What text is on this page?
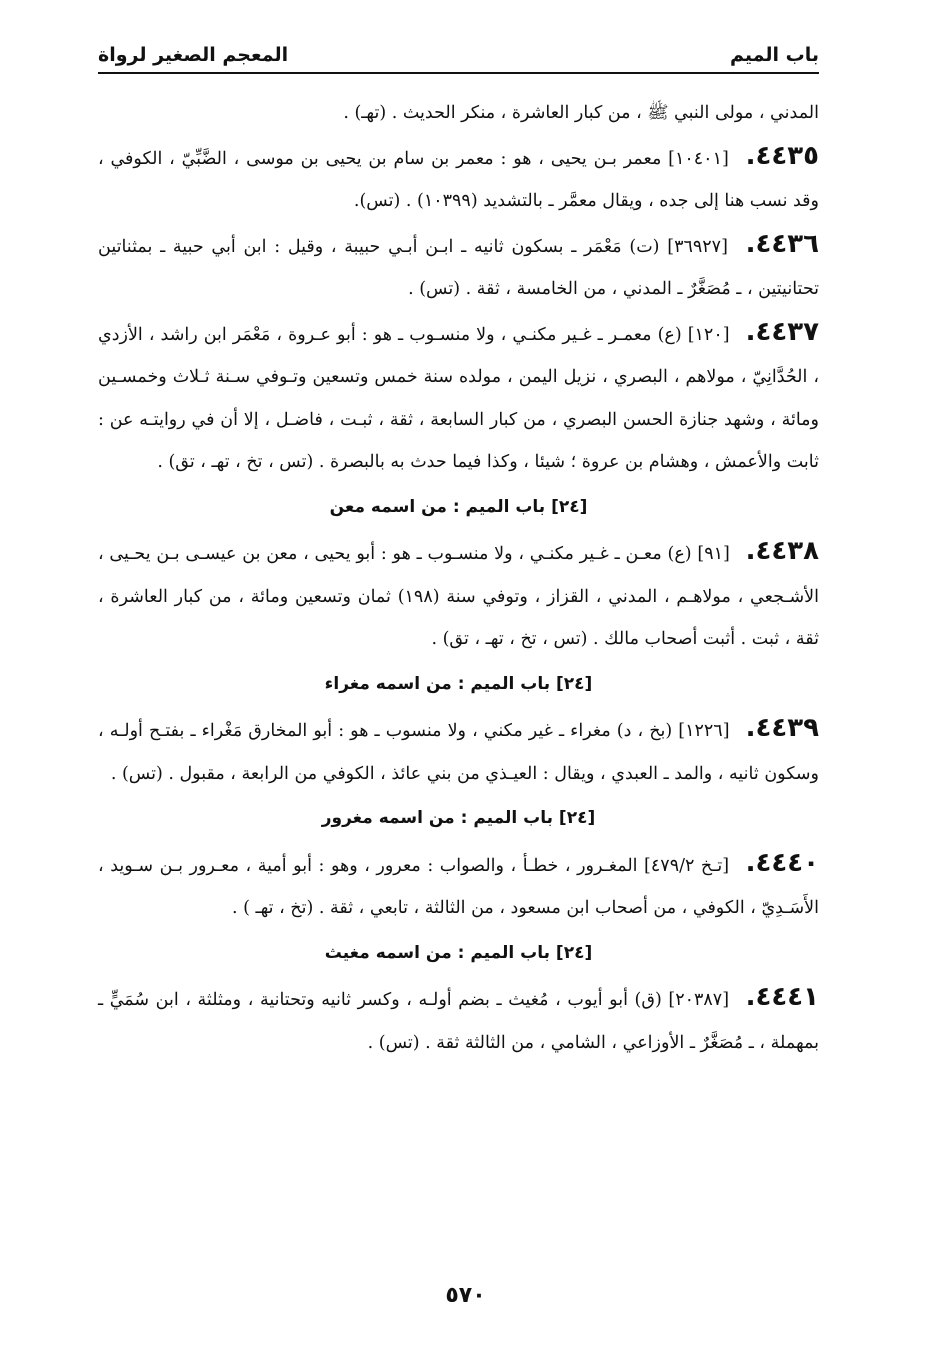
باب الميم
المعجم الصغير لرواة

المدني ، مولى النبي ﷺ ، من كبار العاشرة ، منكر الحديث . (تهـ) .

٤٤٣٥. [١٠٤٠١] معمر بـن يحيى ، هو : معمر بن سام بن يحيى بن موسى ، الضَّبِّيّ ، الكوفي ، وقد نسب هنا إلى جده ، ويقال معمَّر ـ بالتشديد (١٠٣٩٩) . (تس).

٤٤٣٦. [٣٦٩٢٧] (ت) مَعْمَر ـ بسكون ثانيه ـ ابـن أبـي حبيبة ، وقيل : ابن أبي حبية ـ بمثناتين تحتانيتين ، ـ مُصَغَّرٌ ـ المدني ، من الخامسة ، ثقة . (تس) .

٤٤٣٧. [١٢٠] (ع) معمـر ـ غـير مكنـي ، ولا منسـوب ـ هو : أبو عـروة ، مَعْمَر ابن راشد ، الأزدي ، الحُدَّانِيّ ، مولاهم ، البصري ، نزيل اليمن ، مولده سنة خمس وتسعين وتـوفي سـنة ثـلاث وخمسـين ومائة ، وشهد جنازة الحسن البصري ، من كبار السابعة ، ثقة ، ثبـت ، فاضـل ، إلا أن في روايتـه عن : ثابت والأعمش ، وهشام بن عروة ؛ شيئا ، وكذا فيما حدث به بالبصرة . (تس ، تخ ، تهـ ، تق) .

[٢٤] باب الميم : من اسمه معن

٤٤٣٨. [٩١] (ع) معـن ـ غـير مكنـي ، ولا منسـوب ـ هو : أبو يحيى ، معن بن عيسـى بـن يحـيى ، الأشـجعي ، مولاهـم ، المدني ، القزاز ، وتوفي سنة (١٩٨) ثمان وتسعين ومائة ، من كبار العاشرة ، ثقة ، ثبت . أثبت أصحاب مالك . (تس ، تخ ، تهـ ، تق) .

[٢٤] باب الميم : من اسمه مغراء

٤٤٣٩. [١٢٢٦] (بخ ، د) مغراء ـ غير مكني ، ولا منسوب ـ هو : أبو المخارق مَغْراء ـ بفتـح أولـه ، وسكون ثانيه ، والمد ـ العبدي ، ويقال : العيـذي من بني عائذ ، الكوفي من الرابعة ، مقبول . (تس) .

[٢٤] باب الميم : من اسمه مغرور

٤٤٤٠. [تـخ ٤٧٩/٢] المغـرور ، خطـأ ، والصواب : معرور ، وهو : أبو أمية ، معـرور بـن سـويد ، الأَسَـدِيّ ، الكوفي ، من أصحاب ابن مسعود ، من الثالثة ، تابعي ، ثقة . (تخ ، تهـ ) .

[٢٤] باب الميم : من اسمه مغيث

٤٤٤١. [٢٠٣٨٧] (ق) أبو أيوب ، مُغيث ـ بضم أولـه ، وكسر ثانيه وتحتانية ، ومثلثة ، ابن سُمَيٍّ ـ بمهملة ، ـ مُصَغَّرٌ ـ الأوزاعي ، الشامي ، من الثالثة ثقة . (تس) .

٥٧٠
